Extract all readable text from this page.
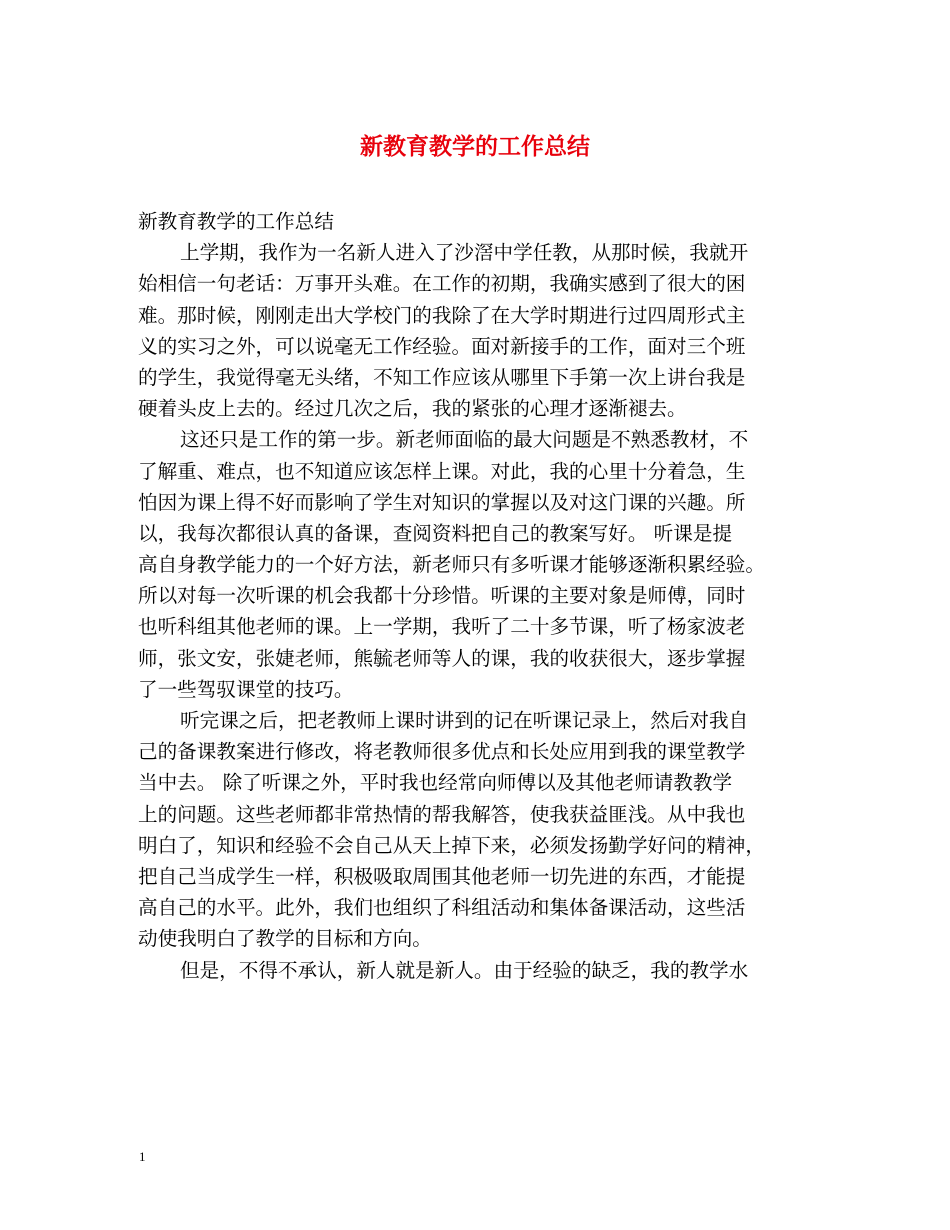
新教育教学的工作总结
新教育教学的工作总结
上学期，我作为一名新人进入了沙滘中学任教，从那时候，我就开
始相信一句老话：万事开头难。在工作的初期，我确实感到了很大的困
难。那时候，刚刚走出大学校门的我除了在大学时期进行过四周形式主
义的实习之外，可以说毫无工作经验。面对新接手的工作，面对三个班
的学生，我觉得毫无头绪，不知工作应该从哪里下手第一次上讲台我是
硬着头皮上去的。经过几次之后，我的紧张的心理才逐渐褪去。
这还只是工作的第一步。新老师面临的最大问题是不熟悉教材，不
了解重、难点，也不知道应该怎样上课。对此，我的心里十分着急，生
怕因为课上得不好而影响了学生对知识的掌握以及对这门课的兴趣。所
以，我每次都很认真的备课，查阅资料把自己的教案写好。 听课是提
高自身教学能力的一个好方法，新老师只有多听课才能够逐渐积累经验。
所以对每一次听课的机会我都十分珍惜。听课的主要对象是师傅，同时
也听科组其他老师的课。上一学期，我听了二十多节课，听了杨家波老
师，张文安，张婕老师，熊毓老师等人的课，我的收获很大，逐步掌握
了一些驾驭课堂的技巧。
听完课之后，把老教师上课时讲到的记在听课记录上，然后对我自
己的备课教案进行修改，将老教师很多优点和长处应用到我的课堂教学
当中去。 除了听课之外，平时我也经常向师傅以及其他老师请教教学
上的问题。这些老师都非常热情的帮我解答，使我获益匪浅。从中我也
明白了，知识和经验不会自己从天上掉下来，必须发扬勤学好问的精神，
把自己当成学生一样，积极吸取周围其他老师一切先进的东西，才能提
高自己的水平。此外，我们也组织了科组活动和集体备课活动，这些活
动使我明白了教学的目标和方向。
但是，不得不承认，新人就是新人。由于经验的缺乏，我的教学水
1
